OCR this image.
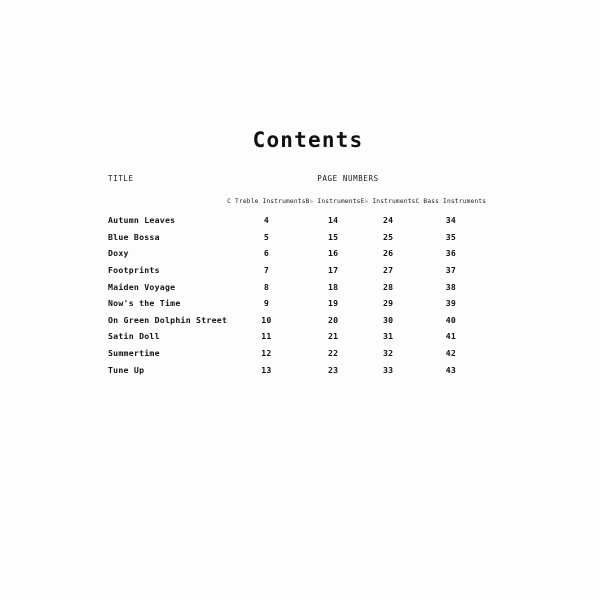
Contents
TITLE	PAGE NUMBERS
	C Treble Instruments	B♭ Instruments	E♭ Instruments	C Bass Instruments
Autumn Leaves	4	14	24	34
Blue Bossa	5	15	25	35
Doxy	6	16	26	36
Footprints	7	17	27	37
Maiden Voyage	8	18	28	38
Now's the Time	9	19	29	39
On Green Dolphin Street	10	20	30	40
Satin Doll	11	21	31	41
Summertime	12	22	32	42
Tune Up	13	23	33	43
